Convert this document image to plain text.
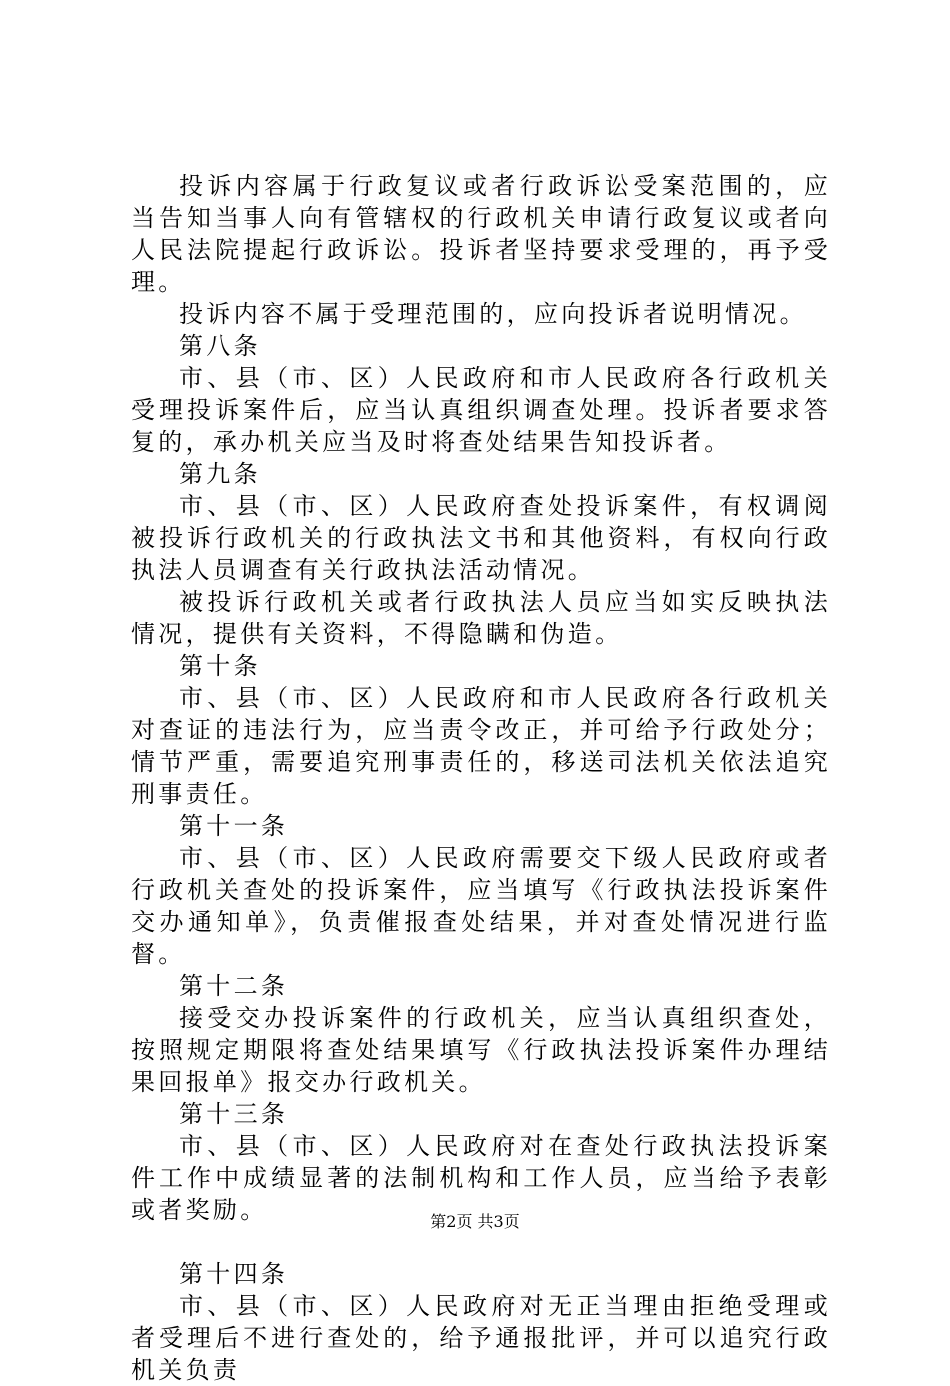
投诉内容属于行政复议或者行政诉讼受案范围的，应当告知当事人向有管辖权的行政机关申请行政复议或者向人民法院提起行政诉讼。投诉者坚持要求受理的，再予受理。

投诉内容不属于受理范围的，应向投诉者说明情况。

第八条

市、县（市、区）人民政府和市人民政府各行政机关受理投诉案件后，应当认真组织调查处理。投诉者要求答复的，承办机关应当及时将查处结果告知投诉者。

第九条

市、县（市、区）人民政府查处投诉案件，有权调阅被投诉行政机关的行政执法文书和其他资料，有权向行政执法人员调查有关行政执法活动情况。

被投诉行政机关或者行政执法人员应当如实反映执法情况，提供有关资料，不得隐瞒和伪造。

第十条

市、县（市、区）人民政府和市人民政府各行政机关对查证的违法行为，应当责令改正，并可给予行政处分；情节严重，需要追究刑事责任的，移送司法机关依法追究刑事责任。

第十一条

市、县（市、区）人民政府需要交下级人民政府或者行政机关查处的投诉案件，应当填写《行政执法投诉案件交办通知单》，负责催报查处结果，并对查处情况进行监督。

第十二条

接受交办投诉案件的行政机关，应当认真组织查处，按照规定期限将查处结果填写《行政执法投诉案件办理结果回报单》报交办行政机关。

第十三条

市、县（市、区）人民政府对在查处行政执法投诉案件工作中成绩显著的法制机构和工作人员，应当给予表彰或者奖励。

第十四条

市、县（市、区）人民政府对无正当理由拒绝受理或者受理后不进行查处的，给予通报批评，并可以追究行政机关负责

第2页 共3页
